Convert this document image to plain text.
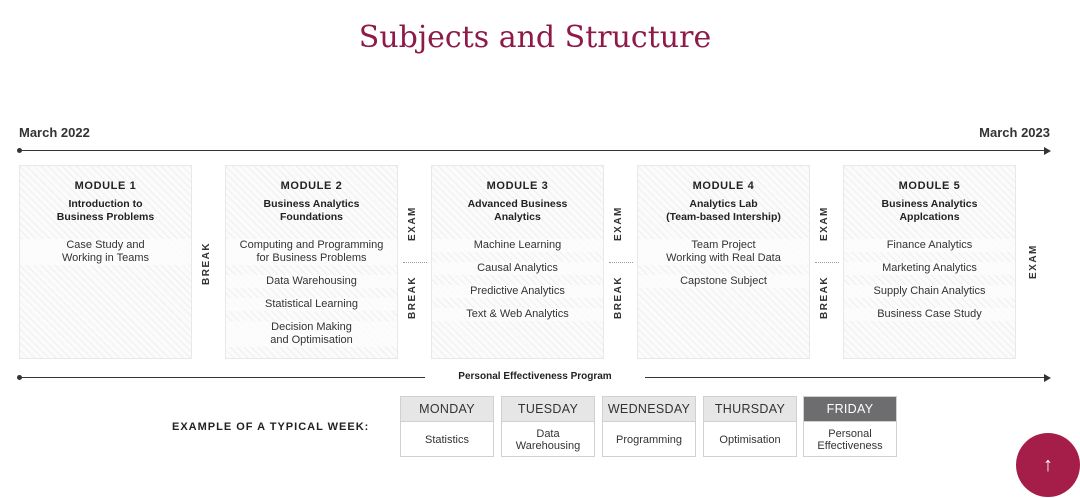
Subjects and Structure
March 2022	March 2023
MODULE 1
Introduction to
Business Problems
Case Study and
Working in Teams	BREAK
MODULE 2
Business Analytics
Foundations
Computing and Programming
for Business Problems
Data Warehousing
Statistical Learning
Decision Making
and Optimisation
EXAM
BREAK
MODULE 3
Advanced Business
Analytics
Machine Learning
Causal Analytics
Predictive Analytics
Text & Web Analytics
EXAM
BREAK
MODULE 4
Analytics Lab
(Team-based Intership)
Team Project
Working with Real Data
Capstone Subject
EXAM
BREAK
MODULE 5
Business Analytics
Applcations
Finance Analytics
Marketing Analytics
Supply Chain Analytics
Business Case Study
EXAM
Personal Effectiveness Program
EXAMPLE OF A TYPICAL WEEK:
MONDAY
Statistics
TUESDAY
Data
Warehousing
WEDNESDAY
Programming
THURSDAY
Optimisation
FRIDAY
Personal
Effectiveness
↑
